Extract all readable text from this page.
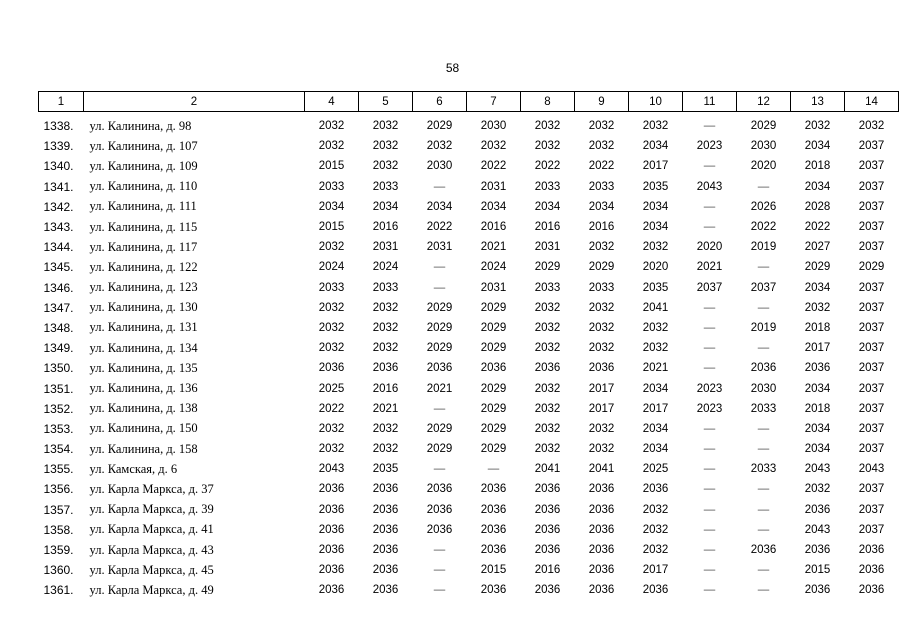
58
1	2	4	5	6	7	8	9	10	11	12	13	14
1338.	ул. Калинина, д. 98	2032	2032	2029	2030	2032	2032	2032	—	2029	2032	2032
1339.	ул. Калинина, д. 107	2032	2032	2032	2032	2032	2032	2034	2023	2030	2034	2037
1340.	ул. Калинина, д. 109	2015	2032	2030	2022	2022	2022	2017	—	2020	2018	2037
1341.	ул. Калинина, д. 110	2033	2033	—	2031	2033	2033	2035	2043	—	2034	2037
1342.	ул. Калинина, д. 111	2034	2034	2034	2034	2034	2034	2034	—	2026	2028	2037
1343.	ул. Калинина, д. 115	2015	2016	2022	2016	2016	2016	2034	—	2022	2022	2037
1344.	ул. Калинина, д. 117	2032	2031	2031	2021	2031	2032	2032	2020	2019	2027	2037
1345.	ул. Калинина, д. 122	2024	2024	—	2024	2029	2029	2020	2021	—	2029	2029
1346.	ул. Калинина, д. 123	2033	2033	—	2031	2033	2033	2035	2037	2037	2034	2037
1347.	ул. Калинина, д. 130	2032	2032	2029	2029	2032	2032	2041	—	—	2032	2037
1348.	ул. Калинина, д. 131	2032	2032	2029	2029	2032	2032	2032	—	2019	2018	2037
1349.	ул. Калинина, д. 134	2032	2032	2029	2029	2032	2032	2032	—	—	2017	2037
1350.	ул. Калинина, д. 135	2036	2036	2036	2036	2036	2036	2021	—	2036	2036	2037
1351.	ул. Калинина, д. 136	2025	2016	2021	2029	2032	2017	2034	2023	2030	2034	2037
1352.	ул. Калинина, д. 138	2022	2021	—	2029	2032	2017	2017	2023	2033	2018	2037
1353.	ул. Калинина, д. 150	2032	2032	2029	2029	2032	2032	2034	—	—	2034	2037
1354.	ул. Калинина, д. 158	2032	2032	2029	2029	2032	2032	2034	—	—	2034	2037
1355.	ул. Камская, д. 6	2043	2035	—	—	2041	2041	2025	—	2033	2043	2043
1356.	ул. Карла Маркса, д. 37	2036	2036	2036	2036	2036	2036	2036	—	—	2032	2037
1357.	ул. Карла Маркса, д. 39	2036	2036	2036	2036	2036	2036	2032	—	—	2036	2037
1358.	ул. Карла Маркса, д. 41	2036	2036	2036	2036	2036	2036	2032	—	—	2043	2037
1359.	ул. Карла Маркса, д. 43	2036	2036	—	2036	2036	2036	2032	—	2036	2036	2036
1360.	ул. Карла Маркса, д. 45	2036	2036	—	2015	2016	2036	2017	—	—	2015	2036
1361.	ул. Карла Маркса, д. 49	2036	2036	—	2036	2036	2036	2036	—	—	2036	2036
